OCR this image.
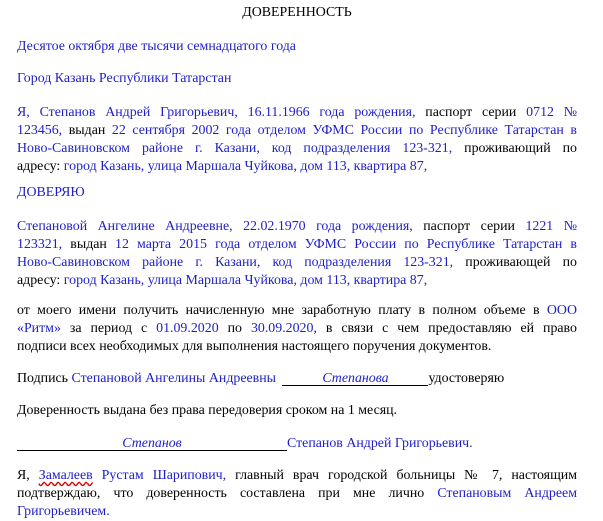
ДОВЕРЕННОСТЬ
Десятое октября две тысячи семнадцатого года
Город Казань Республики Татарстан
Я, Степанов Андрей Григорьевич, 16.11.1966 года рождения, паспорт серии 0712 №
123456, выдан 22 сентября 2002 года отделом УФМС России по Республике Татарстан в
Ново-Савиновском районе г. Казани, код подразделения 123-321, проживающий по
адресу: город Казань, улица Маршала Чуйкова, дом 113, квартира 87,
ДОВЕРЯЮ
Степановой Ангелине Андреевне, 22.02.1970 года рождения, паспорт серии 1221 №
123321, выдан 12 марта 2015 года отделом УФМС России по Республике Татарстан в
Ново-Савиновском районе г. Казани, код подразделения 123-321, проживающей по
адресу: город Казань, улица Маршала Чуйкова, дом 113, квартира 87,
от моего имени получить начисленную мне заработную плату в полном объеме в ООО
«Ритм» за период с 01.09.2020 по 30.09.2020, в связи с чем предоставляю ей право
подписи всех необходимых для выполнения настоящего поручения документов.
Подпись Степановой Ангелины Андреевны	Степанова	удостоверяю
Доверенность выдана без права передоверия сроком на 1 месяц.
Степанов	Степанов Андрей Григорьевич.
Я, Замалеев Рустам Шарипович, главный врач городской больницы № 7, настоящим
подтверждаю, что доверенность составлена при мне лично Степановым Андреем
Григорьевичем.
